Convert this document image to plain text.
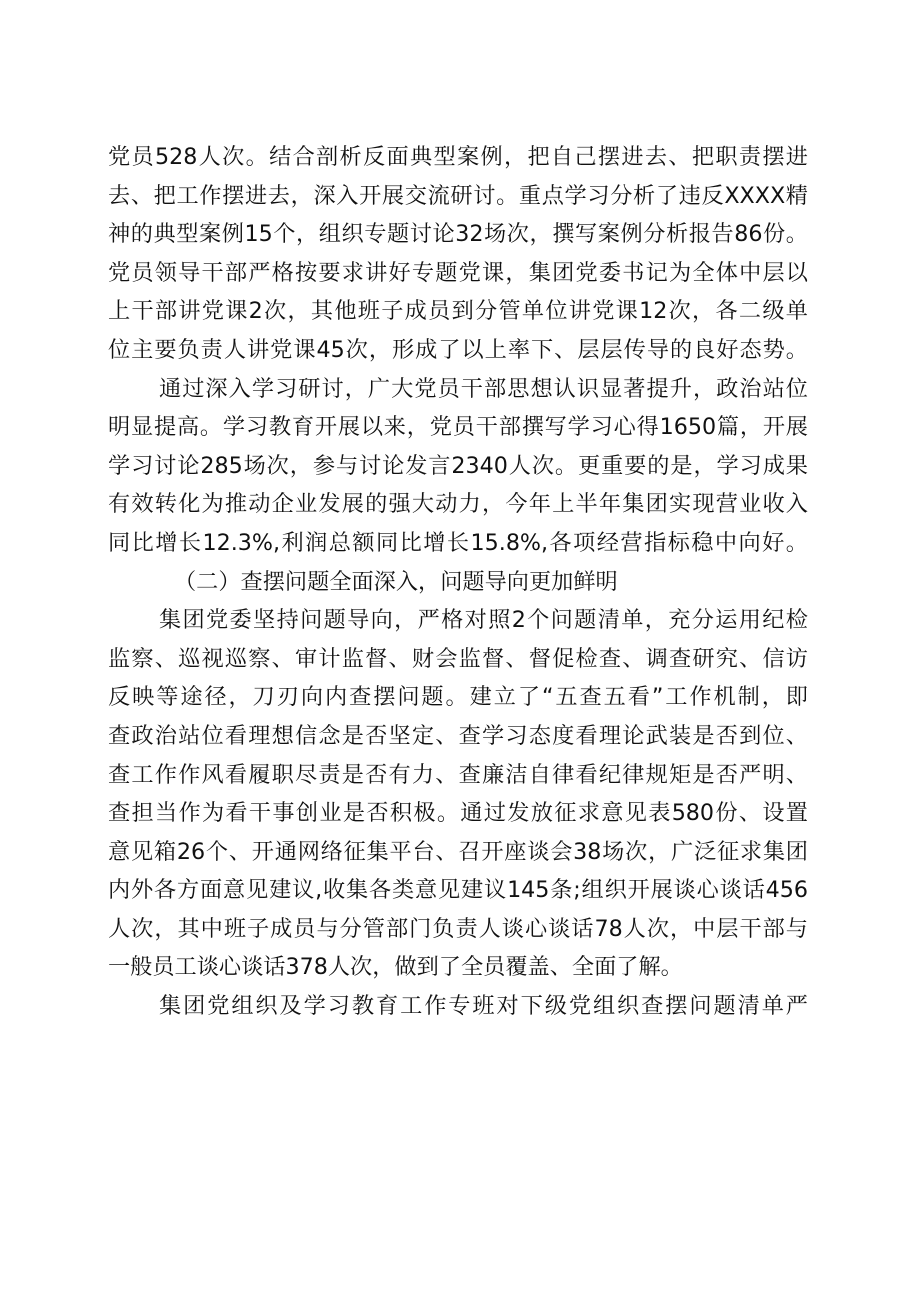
党员528人次。结合剖析反面典型案例，把自己摆进去、把职责摆进
去、把工作摆进去，深入开展交流研讨。重点学习分析了违反XXXX精
神的典型案例15个，组织专题讨论32场次，撰写案例分析报告86份。
党员领导干部严格按要求讲好专题党课，集团党委书记为全体中层以
上干部讲党课2次，其他班子成员到分管单位讲党课12次，各二级单
位主要负责人讲党课45次，形成了以上率下、层层传导的良好态势。
通过深入学习研讨，广大党员干部思想认识显著提升，政治站位
明显提高。学习教育开展以来，党员干部撰写学习心得1650篇，开展
学习讨论285场次，参与讨论发言2340人次。更重要的是，学习成果
有效转化为推动企业发展的强大动力，今年上半年集团实现营业收入
同比增长12.3%,利润总额同比增长15.8%,各项经营指标稳中向好。
（二）查摆问题全面深入，问题导向更加鲜明
集团党委坚持问题导向，严格对照2个问题清单，充分运用纪检
监察、巡视巡察、审计监督、财会监督、督促检查、调查研究、信访
反映等途径，刀刃向内查摆问题。建立了“五查五看”工作机制，即
查政治站位看理想信念是否坚定、查学习态度看理论武装是否到位、
查工作作风看履职尽责是否有力、查廉洁自律看纪律规矩是否严明、
查担当作为看干事创业是否积极。通过发放征求意见表580份、设置
意见箱26个、开通网络征集平台、召开座谈会38场次，广泛征求集团
内外各方面意见建议,收集各类意见建议145条;组织开展谈心谈话456
人次，其中班子成员与分管部门负责人谈心谈话78人次，中层干部与
一般员工谈心谈话378人次，做到了全员覆盖、全面了解。
集团党组织及学习教育工作专班对下级党组织查摆问题清单严
